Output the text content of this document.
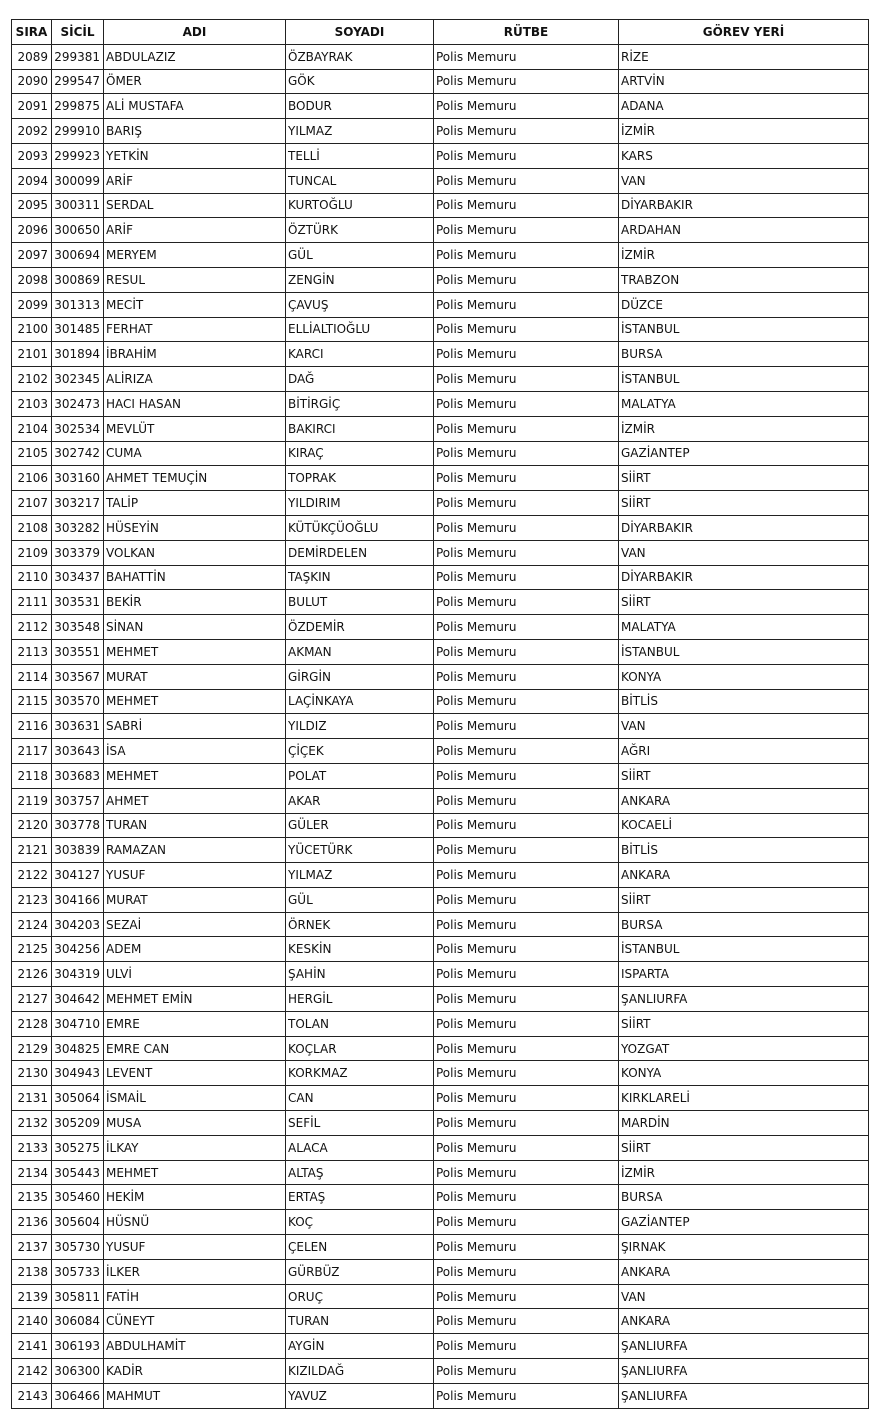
SIRA	SİCİL	ADI	SOYADI	RÜTBE	GÖREV YERİ
2089	299381	ABDULAZIZ	ÖZBAYRAK	Polis Memuru	RİZE
2090	299547	ÖMER	GÖK	Polis Memuru	ARTVİN
2091	299875	ALİ MUSTAFA	BODUR	Polis Memuru	ADANA
2092	299910	BARIŞ	YILMAZ	Polis Memuru	İZMİR
2093	299923	YETKİN	TELLİ	Polis Memuru	KARS
2094	300099	ARİF	TUNCAL	Polis Memuru	VAN
2095	300311	SERDAL	KURTOĞLU	Polis Memuru	DİYARBAKIR
2096	300650	ARİF	ÖZTÜRK	Polis Memuru	ARDAHAN
2097	300694	MERYEM	GÜL	Polis Memuru	İZMİR
2098	300869	RESUL	ZENGİN	Polis Memuru	TRABZON
2099	301313	MECİT	ÇAVUŞ	Polis Memuru	DÜZCE
2100	301485	FERHAT	ELLİALTIOĞLU	Polis Memuru	İSTANBUL
2101	301894	İBRAHİM	KARCI	Polis Memuru	BURSA
2102	302345	ALİRIZA	DAĞ	Polis Memuru	İSTANBUL
2103	302473	HACI HASAN	BİTİRGİÇ	Polis Memuru	MALATYA
2104	302534	MEVLÜT	BAKIRCI	Polis Memuru	İZMİR
2105	302742	CUMA	KIRAÇ	Polis Memuru	GAZİANTEP
2106	303160	AHMET TEMUÇİN	TOPRAK	Polis Memuru	SİİRT
2107	303217	TALİP	YILDIRIM	Polis Memuru	SİİRT
2108	303282	HÜSEYİN	KÜTÜKÇÜOĞLU	Polis Memuru	DİYARBAKIR
2109	303379	VOLKAN	DEMİRDELEN	Polis Memuru	VAN
2110	303437	BAHATTİN	TAŞKIN	Polis Memuru	DİYARBAKIR
2111	303531	BEKİR	BULUT	Polis Memuru	SİİRT
2112	303548	SİNAN	ÖZDEMİR	Polis Memuru	MALATYA
2113	303551	MEHMET	AKMAN	Polis Memuru	İSTANBUL
2114	303567	MURAT	GİRGİN	Polis Memuru	KONYA
2115	303570	MEHMET	LAÇİNKAYA	Polis Memuru	BİTLİS
2116	303631	SABRİ	YILDIZ	Polis Memuru	VAN
2117	303643	İSA	ÇİÇEK	Polis Memuru	AĞRI
2118	303683	MEHMET	POLAT	Polis Memuru	SİİRT
2119	303757	AHMET	AKAR	Polis Memuru	ANKARA
2120	303778	TURAN	GÜLER	Polis Memuru	KOCAELİ
2121	303839	RAMAZAN	YÜCETÜRK	Polis Memuru	BİTLİS
2122	304127	YUSUF	YILMAZ	Polis Memuru	ANKARA
2123	304166	MURAT	GÜL	Polis Memuru	SİİRT
2124	304203	SEZAİ	ÖRNEK	Polis Memuru	BURSA
2125	304256	ADEM	KESKİN	Polis Memuru	İSTANBUL
2126	304319	ULVİ	ŞAHİN	Polis Memuru	ISPARTA
2127	304642	MEHMET EMİN	HERGİL	Polis Memuru	ŞANLIURFA
2128	304710	EMRE	TOLAN	Polis Memuru	SİİRT
2129	304825	EMRE CAN	KOÇLAR	Polis Memuru	YOZGAT
2130	304943	LEVENT	KORKMAZ	Polis Memuru	KONYA
2131	305064	İSMAİL	CAN	Polis Memuru	KIRKLARELİ
2132	305209	MUSA	SEFİL	Polis Memuru	MARDİN
2133	305275	İLKAY	ALACA	Polis Memuru	SİİRT
2134	305443	MEHMET	ALTAŞ	Polis Memuru	İZMİR
2135	305460	HEKİM	ERTAŞ	Polis Memuru	BURSA
2136	305604	HÜSNÜ	KOÇ	Polis Memuru	GAZİANTEP
2137	305730	YUSUF	ÇELEN	Polis Memuru	ŞIRNAK
2138	305733	İLKER	GÜRBÜZ	Polis Memuru	ANKARA
2139	305811	FATİH	ORUÇ	Polis Memuru	VAN
2140	306084	CÜNEYT	TURAN	Polis Memuru	ANKARA
2141	306193	ABDULHAMİT	AYGİN	Polis Memuru	ŞANLIURFA
2142	306300	KADİR	KIZILDAĞ	Polis Memuru	ŞANLIURFA
2143	306466	MAHMUT	YAVUZ	Polis Memuru	ŞANLIURFA
